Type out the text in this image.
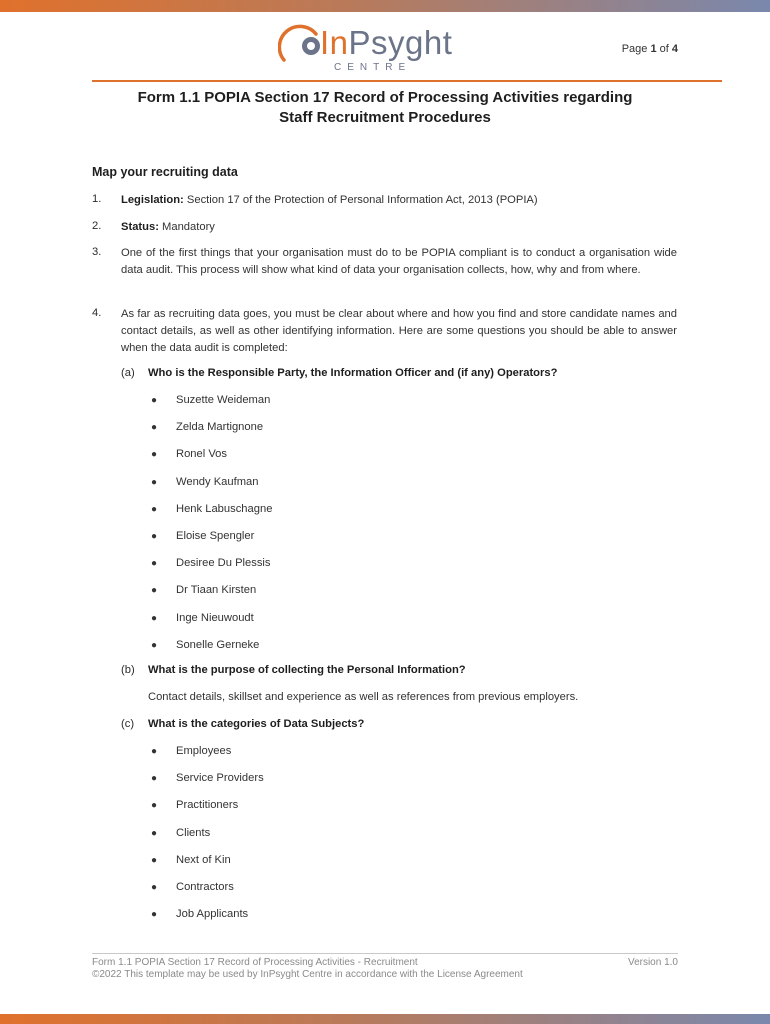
InPsyght
CENTRE
Page 1 of 4
Form 1.1 POPIA Section 17 Record of Processing Activities regarding
Staff Recruitment Procedures
Map your recruiting data
1. Legislation: Section 17 of the Protection of Personal Information Act, 2013 (POPIA)
2. Status: Mandatory
3. One of the first things that your organisation must do to be POPIA compliant is to conduct a organisation wide data audit. This process will show what kind of data your organisation collects, how, why and from where.
4. As far as recruiting data goes, you must be clear about where and how you find and store candidate names and contact details, as well as other identifying information. Here are some questions you should be able to answer when the data audit is completed:
(a) Who is the Responsible Party, the Information Officer and (if any) Operators?
● Suzette Weideman
● Zelda Martignone
● Ronel Vos
● Wendy Kaufman
● Henk Labuschagne
● Eloise Spengler
● Desiree Du Plessis
● Dr Tiaan Kirsten
● Inge Nieuwoudt
● Sonelle Gerneke
(b) What is the purpose of collecting the Personal Information?
Contact details, skillset and experience as well as references from previous employers.
(c) What is the categories of Data Subjects?
● Employees
● Service Providers
● Practitioners
● Clients
● Next of Kin
● Contractors
● Job Applicants
Form 1.1 POPIA Section 17 Record of Processing Activities - Recruitment
©2022 This template may be used by InPsyght Centre in accordance with the License Agreement
Version 1.0
